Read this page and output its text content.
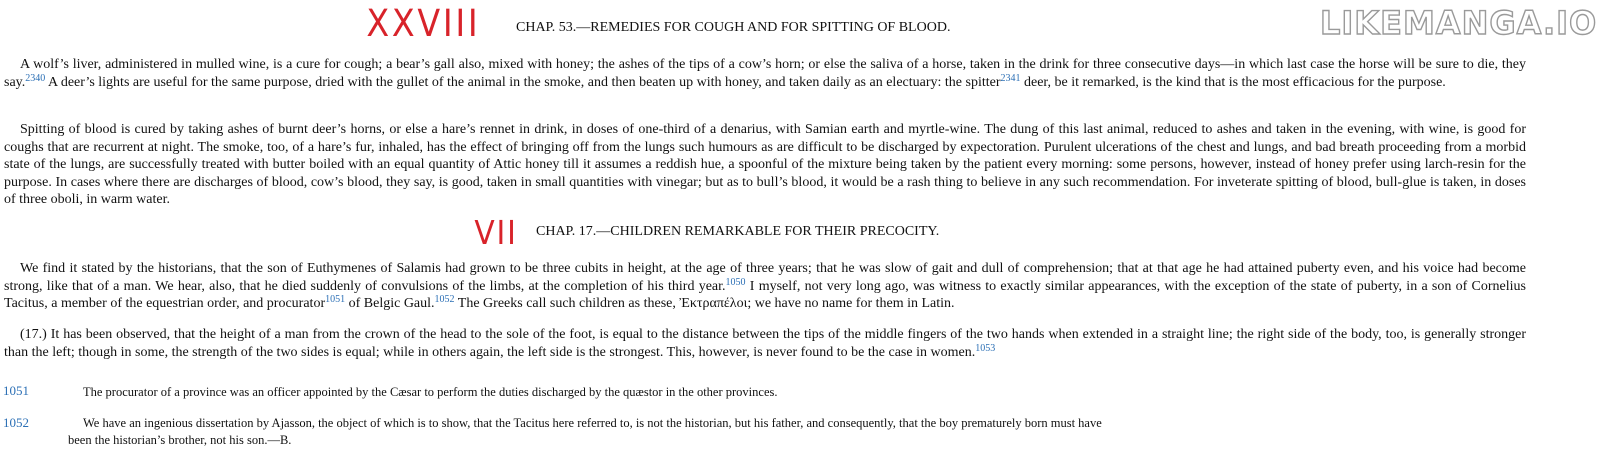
XXVIII	LIKEMANGA.IO
CHAP. 53.—REMEDIES FOR COUGH AND FOR SPITTING OF BLOOD.

A wolf’s liver, administered in mulled wine, is a cure for cough; a bear’s gall also, mixed with honey; the ashes of the tips of a cow’s horn; or else the saliva of a horse, taken in the drink for three consecutive days—in which last case the horse will be sure to die, they say.$^{2340}$ A deer’s lights are useful for the same purpose, dried with the gullet of the animal in the smoke, and then beaten up with honey, and taken daily as an electuary: the spitter$^{2341}$ deer, be it remarked, is the kind that is the most efficacious for the purpose.

Spitting of blood is cured by taking ashes of burnt deer’s horns, or else a hare’s rennet in drink, in doses of one-third of a denarius, with Samian earth and myrtle-wine. The dung of this last animal, reduced to ashes and taken in the evening, with wine, is good for coughs that are recurrent at night. The smoke, too, of a hare’s fur, inhaled, has the effect of bringing off from the lungs such humours as are difficult to be discharged by expectoration. Purulent ulcerations of the chest and lungs, and bad breath proceeding from a morbid state of the lungs, are successfully treated with butter boiled with an equal quantity of Attic honey till it assumes a reddish hue, a spoonful of the mixture being taken by the patient every morning: some persons, however, instead of honey prefer using larch-resin for the purpose. In cases where there are discharges of blood, cow’s blood, they say, is good, taken in small quantities with vinegar; but as to bull’s blood, it would be a rash thing to believe in any such recommendation. For inveterate spitting of blood, bull-glue is taken, in doses of three oboli, in warm water.

VII CHAP. 17.—CHILDREN REMARKABLE FOR THEIR PRECOCITY.

We find it stated by the historians, that the son of Euthymenes of Salamis had grown to be three cubits in height, at the age of three years; that he was slow of gait and dull of comprehension; that at that age he had attained puberty even, and his voice had become strong, like that of a man. We hear, also, that he died suddenly of convulsions of the limbs, at the completion of his third year.$^{1050}$ I myself, not very long ago, was witness to exactly similar appearances, with the exception of the state of puberty, in a son of Cornelius Tacitus, a member of the equestrian order, and procurator$^{1051}$ of Belgic Gaul.$^{1052}$ The Greeks call such children as these, Ἐκτραπέλοι; we have no name for them in Latin.

(17.) It has been observed, that the height of a man from the crown of the head to the sole of the foot, is equal to the distance between the tips of the middle fingers of the two hands when extended in a straight line; the right side of the body, too, is generally stronger than the left; though in some, the strength of the two sides is equal; while in others again, the left side is the strongest. This, however, is never found to be the case in women.$^{1053}$

1051	The procurator of a province was an officer appointed by the Cæsar to perform the duties discharged by the quæstor in the other provinces.
1052	We have an ingenious dissertation by Ajasson, the object of which is to show, that the Tacitus here referred to, is not the historian, but his father, and consequently, that the boy prematurely born must have
been the historian’s brother, not his son.—B.
